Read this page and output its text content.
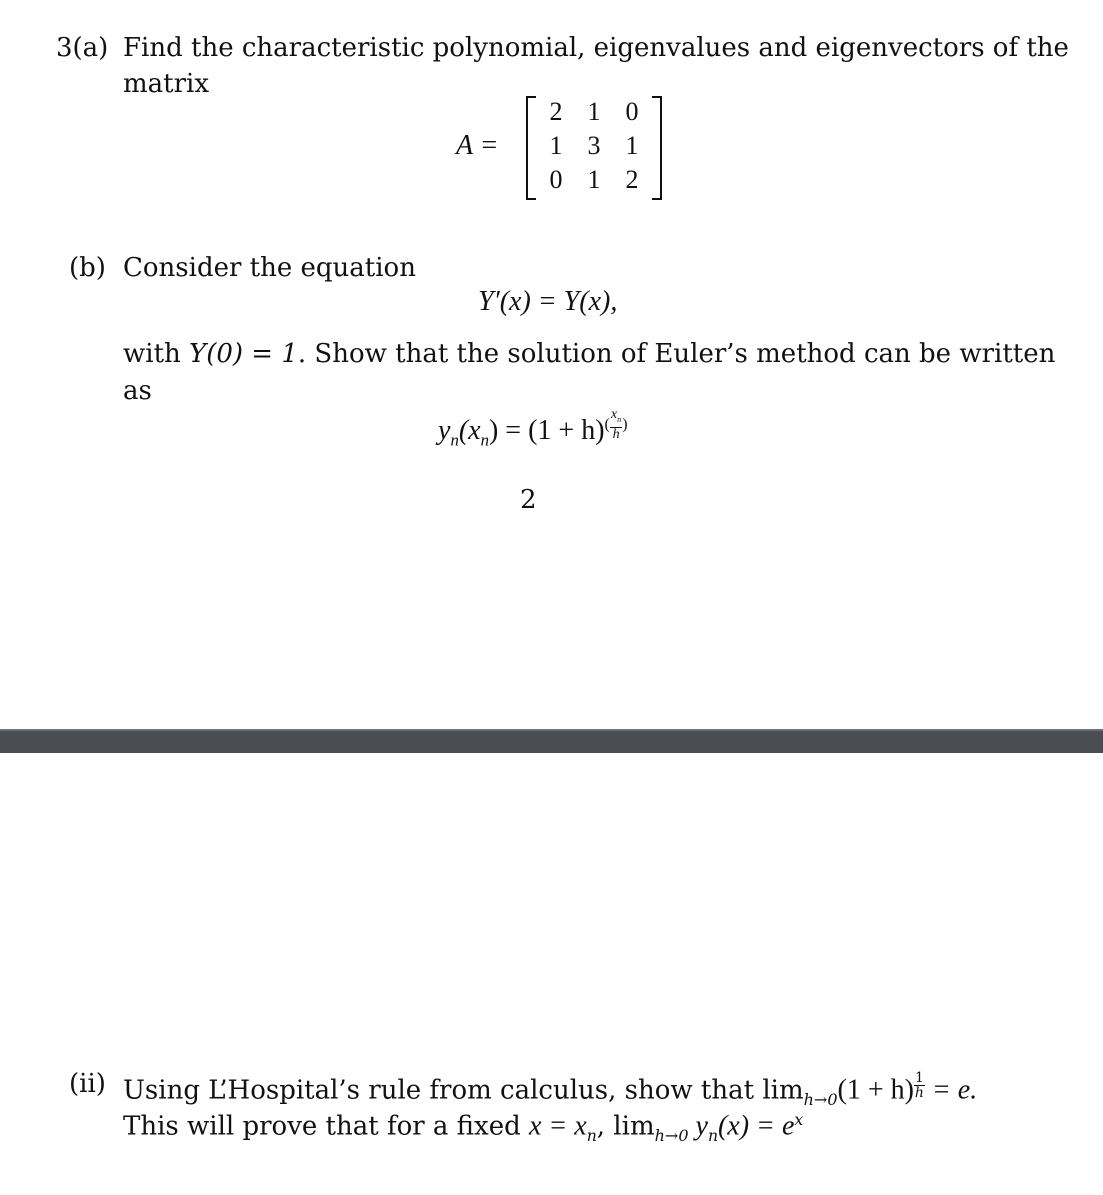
3(a) Find the characteristic polynomial, eigenvalues and eigenvectors of the
matrix
A =
2 1 0
1 3 1
0 1 2
(b) Consider the equation
Y′(x) = Y(x),
with Y(0) = 1. Show that the solution of Euler’s method can be written
as
$y_n(x_n) = (1 + h)^{( \frac{x_n}{h} )}$
2
(ii) Using L’Hospital’s rule from calculus, show that $\lim_{h\to 0}(1 + h) ^{\frac{1}{h}} = e$.
This will prove that for a fixed $x = x_n$, $\lim_{h\to 0} y_n(x) = e^x$
